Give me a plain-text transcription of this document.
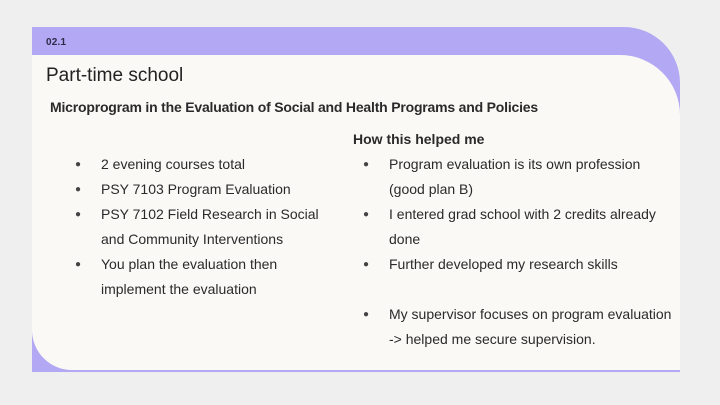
02.1
Part-time school
Microprogram in the Evaluation of Social and Health Programs and Policies
● 2 evening courses total
● PSY 7103 Program Evaluation
● PSY 7102 Field Research in Social and Community Interventions
● You plan the evaluation then implement the evaluation
How this helped me
● Program evaluation is its own profession (good plan B)
● I entered grad school with 2 credits already done
● Further developed my research skills
● My supervisor focuses on program evaluation -> helped me secure supervision.
